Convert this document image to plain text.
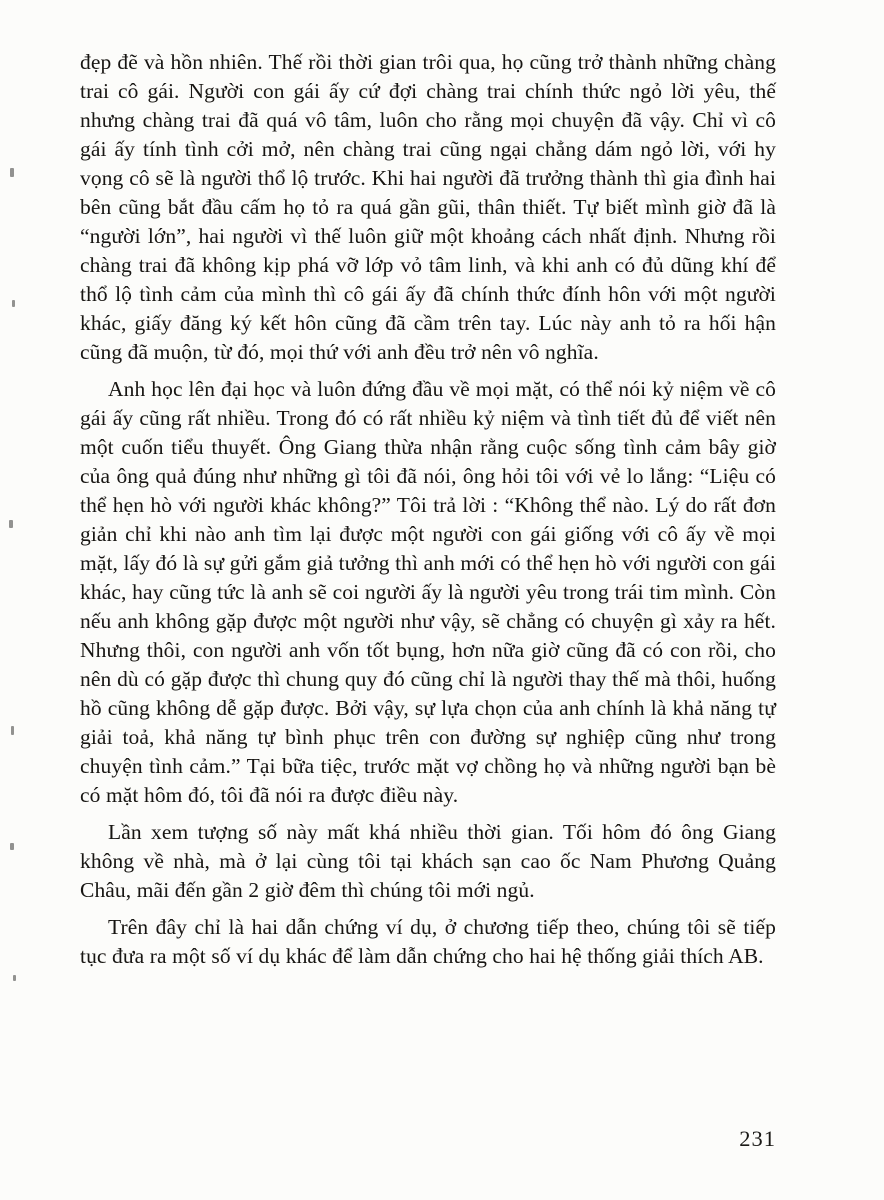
đẹp đẽ và hồn nhiên. Thế rồi thời gian trôi qua, họ cũng trở thành những chàng trai cô gái. Người con gái ấy cứ đợi chàng trai chính thức ngỏ lời yêu, thế nhưng chàng trai đã quá vô tâm, luôn cho rằng mọi chuyện đã vậy. Chỉ vì cô gái ấy tính tình cởi mở, nên chàng trai cũng ngại chẳng dám ngỏ lời, với hy vọng cô sẽ là người thổ lộ trước. Khi hai người đã trưởng thành thì gia đình hai bên cũng bắt đầu cấm họ tỏ ra quá gần gũi, thân thiết. Tự biết mình giờ đã là “người lớn”, hai người vì thế luôn giữ một khoảng cách nhất định. Nhưng rồi chàng trai đã không kịp phá vỡ lớp vỏ tâm linh, và khi anh có đủ dũng khí để thổ lộ tình cảm của mình thì cô gái ấy đã chính thức đính hôn với một người khác, giấy đăng ký kết hôn cũng đã cầm trên tay. Lúc này anh tỏ ra hối hận cũng đã muộn, từ đó, mọi thứ với anh đều trở nên vô nghĩa.

Anh học lên đại học và luôn đứng đầu về mọi mặt, có thể nói kỷ niệm về cô gái ấy cũng rất nhiều. Trong đó có rất nhiều kỷ niệm và tình tiết đủ để viết nên một cuốn tiểu thuyết. Ông Giang thừa nhận rằng cuộc sống tình cảm bây giờ của ông quả đúng như những gì tôi đã nói, ông hỏi tôi với vẻ lo lắng: “Liệu có thể hẹn hò với người khác không?” Tôi trả lời : “Không thể nào. Lý do rất đơn giản chỉ khi nào anh tìm lại được một người con gái giống với cô ấy về mọi mặt, lấy đó là sự gửi gắm giả tưởng thì anh mới có thể hẹn hò với người con gái khác, hay cũng tức là anh sẽ coi người ấy là người yêu trong trái tim mình. Còn nếu anh không gặp được một người như vậy, sẽ chẳng có chuyện gì xảy ra hết. Nhưng thôi, con người anh vốn tốt bụng, hơn nữa giờ cũng đã có con rồi, cho nên dù có gặp được thì chung quy đó cũng chỉ là người thay thế mà thôi, huống hồ cũng không dễ gặp được. Bởi vậy, sự lựa chọn của anh chính là khả năng tự giải toả, khả năng tự bình phục trên con đường sự nghiệp cũng như trong chuyện tình cảm.” Tại bữa tiệc, trước mặt vợ chồng họ và những người bạn bè có mặt hôm đó, tôi đã nói ra được điều này.

Lần xem tượng số này mất khá nhiều thời gian. Tối hôm đó ông Giang không về nhà, mà ở lại cùng tôi tại khách sạn cao ốc Nam Phương Quảng Châu, mãi đến gần 2 giờ đêm thì chúng tôi mới ngủ.

Trên đây chỉ là hai dẫn chứng ví dụ, ở chương tiếp theo, chúng tôi sẽ tiếp tục đưa ra một số ví dụ khác để làm dẫn chứng cho hai hệ thống giải thích AB.

231
